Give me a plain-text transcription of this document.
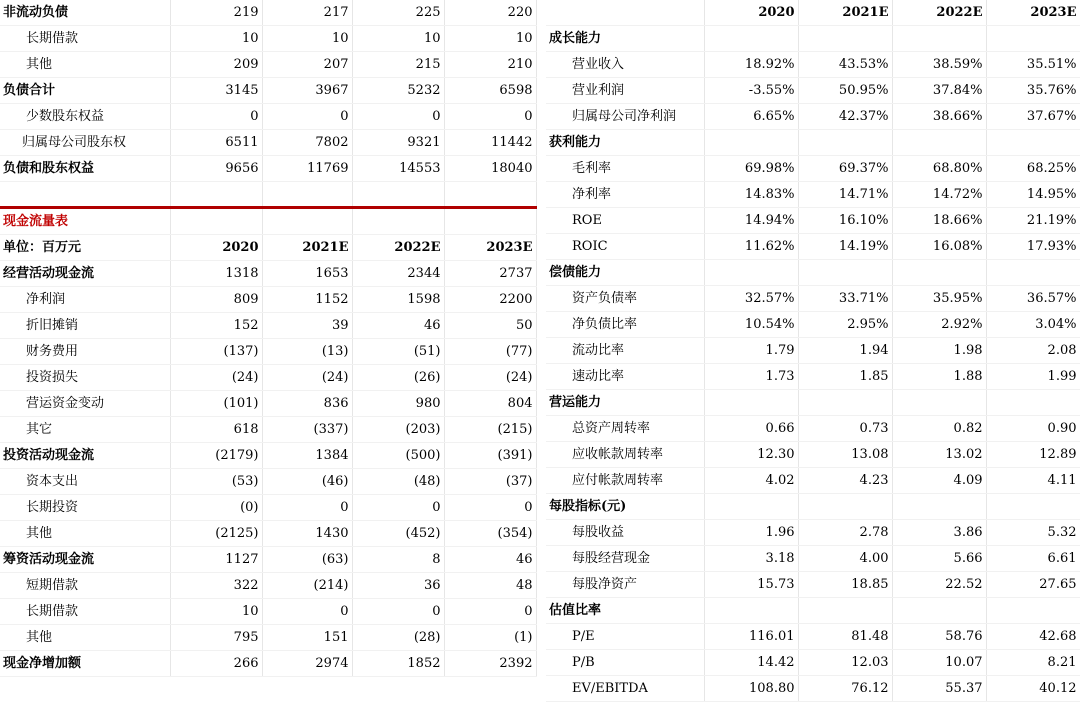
非流动负债	219	217	225	220
长期借款	10	10	10	10
其他	209	207	215	210
负债合计	3145	3967	5232	6598
少数股东权益	0	0	0	0
归属母公司股东权	6511	7802	9321	11442
负债和股东权益	9656	11769	14553	18040

现金流量表				
单位：百万元	2020	2021E	2022E	2023E
经营活动现金流	1318	1653	2344	2737
净利润	809	1152	1598	2200
折旧摊销	152	39	46	50
财务费用	(137)	(13)	(51)	(77)
投资损失	(24)	(24)	(26)	(24)
营运资金变动	(101)	836	980	804
其它	618	(337)	(203)	(215)
投资活动现金流	(2179)	1384	(500)	(391)
资本支出	(53)	(46)	(48)	(37)
长期投资	(0)	0	0	0
其他	(2125)	1430	(452)	(354)
筹资活动现金流	1127	(63)	8	46
短期借款	322	(214)	36	48
长期借款	10	0	0	0
其他	795	151	(28)	(1)
现金净增加额	266	2974	1852	2392
	2020	2021E	2022E	2023E
成长能力				
营业收入	18.92%	43.53%	38.59%	35.51%
营业利润	-3.55%	50.95%	37.84%	35.76%
归属母公司净利润	6.65%	42.37%	38.66%	37.67%
获利能力				
毛利率	69.98%	69.37%	68.80%	68.25%
净利率	14.83%	14.71%	14.72%	14.95%
ROE	14.94%	16.10%	18.66%	21.19%
ROIC	11.62%	14.19%	16.08%	17.93%
偿债能力				
资产负债率	32.57%	33.71%	35.95%	36.57%
净负债比率	10.54%	2.95%	2.92%	3.04%
流动比率	1.79	1.94	1.98	2.08
速动比率	1.73	1.85	1.88	1.99
营运能力				
总资产周转率	0.66	0.73	0.82	0.90
应收帐款周转率	12.30	13.08	13.02	12.89
应付帐款周转率	4.02	4.23	4.09	4.11
每股指标(元)				
每股收益	1.96	2.78	3.86	5.32
每股经营现金	3.18	4.00	5.66	6.61
每股净资产	15.73	18.85	22.52	27.65
估值比率				
P/E	116.01	81.48	58.76	42.68
P/B	14.42	12.03	10.07	8.21
EV/EBITDA	108.80	76.12	55.37	40.12
